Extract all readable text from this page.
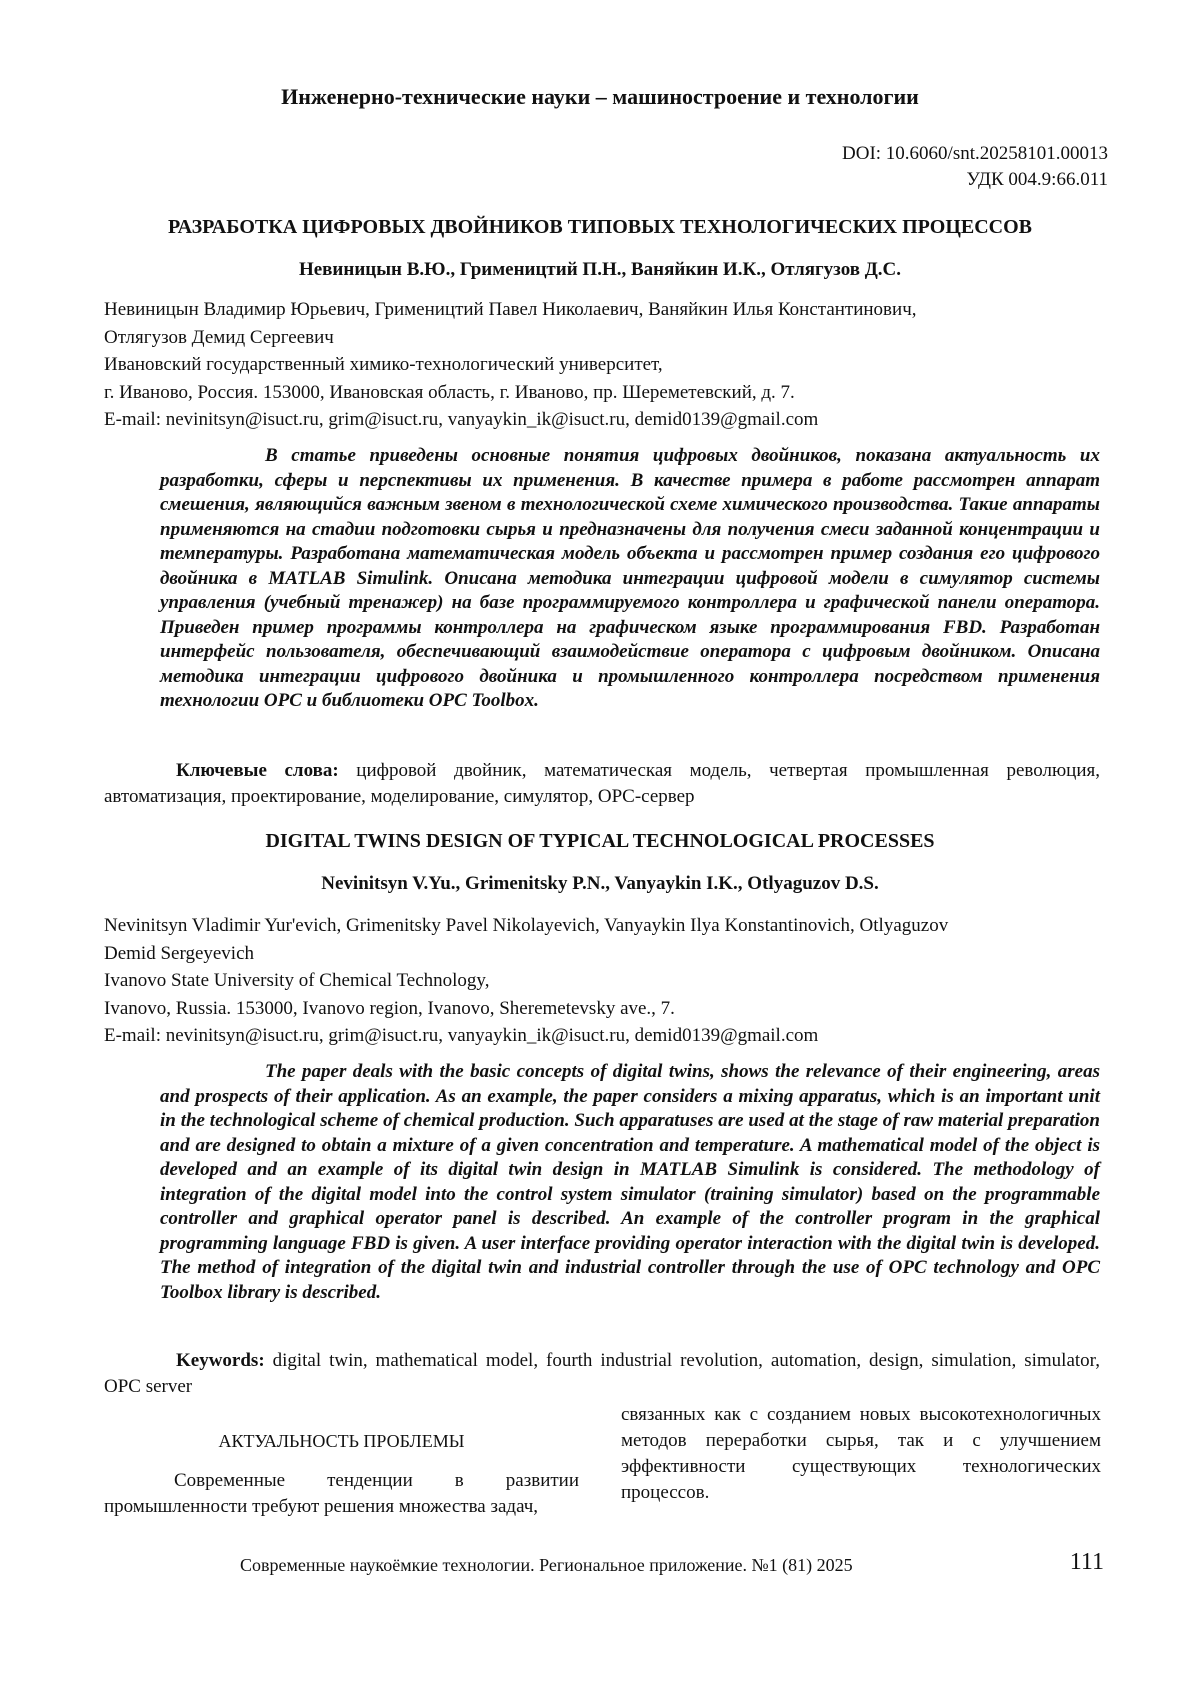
Инженерно-технические науки – машиностроение и технологии
DOI: 10.6060/snt.20258101.00013
УДК 004.9:66.011
РАЗРАБОТКА ЦИФРОВЫХ ДВОЙНИКОВ ТИПОВЫХ ТЕХНОЛОГИЧЕСКИХ ПРОЦЕССОВ
Невиницын В.Ю., Гримеництий П.Н., Ваняйкин И.К., Отлягузов Д.С.
Невиницын Владимир Юрьевич, Гримеництий Павел Николаевич, Ваняйкин Илья Константинович,
Отлягузов Демид Сергеевич
Ивановский государственный химико-технологический университет,
г. Иваново, Россия. 153000, Ивановская область, г. Иваново, пр. Шереметевский, д. 7.
E-mail: nevinitsyn@isuct.ru, grim@isuct.ru, vanyaykin_ik@isuct.ru, demid0139@gmail.com
В статье приведены основные понятия цифровых двойников, показана актуальность их разработки, сферы и перспективы их применения. В качестве примера в работе рассмотрен аппарат смешения, являющийся важным звеном в технологической схеме химического производства. Такие аппараты применяются на стадии подготовки сырья и предназначены для получения смеси заданной концентрации и температуры. Разработана математическая модель объекта и рассмотрен пример создания его цифрового двойника в MATLAB Simulink. Описана методика интеграции цифровой модели в симулятор системы управления (учебный тренажер) на базе программируемого контроллера и графической панели оператора. Приведен пример программы контроллера на графическом языке программирования FBD. Разработан интерфейс пользователя, обеспечивающий взаимодействие оператора с цифровым двойником. Описана методика интеграции цифрового двойника и промышленного контроллера посредством применения технологии OPC и библиотеки OPC Toolbox.
Ключевые слова: цифровой двойник, математическая модель, четвертая промышленная революция, автоматизация, проектирование, моделирование, симулятор, OPC-сервер
DIGITAL TWINS DESIGN OF TYPICAL TECHNOLOGICAL PROCESSES
Nevinitsyn V.Yu., Grimenitsky P.N., Vanyaykin I.K., Otlyaguzov D.S.
Nevinitsyn Vladimir Yur'evich, Grimenitsky Pavel Nikolayevich, Vanyaykin Ilya Konstantinovich, Otlyaguzov
Demid Sergeyevich
Ivanovo State University of Chemical Technology,
Ivanovo, Russia. 153000, Ivanovo region, Ivanovo, Sheremetevsky ave., 7.
E-mail: nevinitsyn@isuct.ru, grim@isuct.ru, vanyaykin_ik@isuct.ru, demid0139@gmail.com
The paper deals with the basic concepts of digital twins, shows the relevance of their engineering, areas and prospects of their application. As an example, the paper considers a mixing apparatus, which is an important unit in the technological scheme of chemical production. Such apparatuses are used at the stage of raw material preparation and are designed to obtain a mixture of a given concentration and temperature. A mathematical model of the object is developed and an example of its digital twin design in MATLAB Simulink is considered. The methodology of integration of the digital model into the control system simulator (training simulator) based on the programmable controller and graphical operator panel is described. An example of the controller program in the graphical programming language FBD is given. A user interface providing operator interaction with the digital twin is developed. The method of integration of the digital twin and industrial controller through the use of OPC technology and OPC Toolbox library is described.
Keywords: digital twin, mathematical model, fourth industrial revolution, automation, design, simulation, simulator, OPC server
АКТУАЛЬНОСТЬ ПРОБЛЕМЫ
Современные тенденции в развитии промышленности требуют решения множества задач,
связанных как с созданием новых высокотехнологичных методов переработки сырья, так и с улучшением эффективности существующих технологических процессов.
Современные наукоёмкие технологии. Региональное приложение. №1 (81) 2025	111
